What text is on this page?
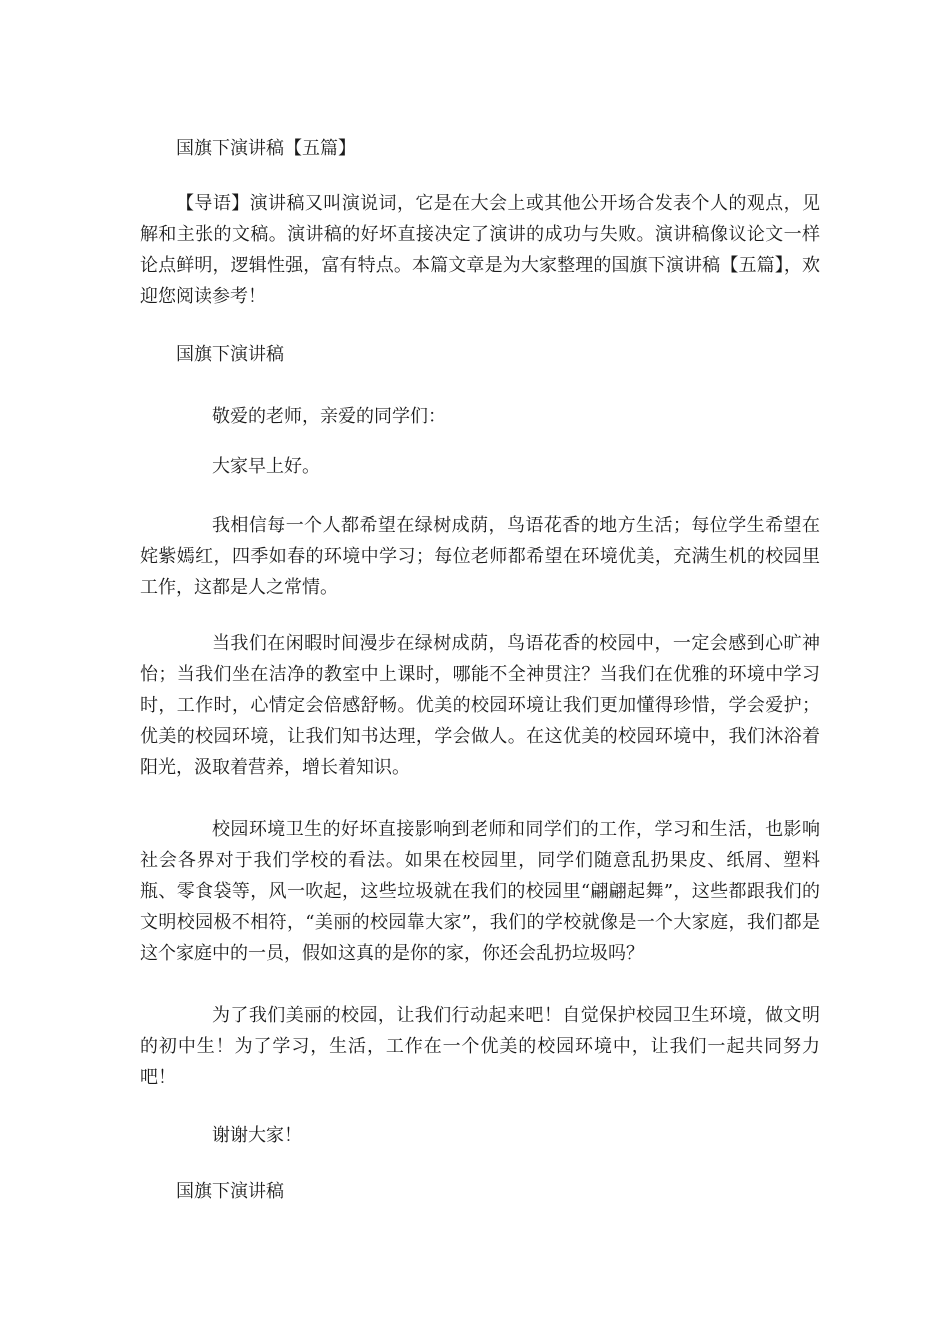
国旗下演讲稿【五篇】
【导语】演讲稿又叫演说词，它是在大会上或其他公开场合发表个人的观点，见解和主张的文稿。演讲稿的好坏直接决定了演讲的成功与失败。演讲稿像议论文一样论点鲜明，逻辑性强，富有特点。本篇文章是为大家整理的国旗下演讲稿【五篇】，欢迎您阅读参考！
国旗下演讲稿
敬爱的老师，亲爱的同学们：
大家早上好。
我相信每一个人都希望在绿树成荫，鸟语花香的地方生活；每位学生希望在姹紫嫣红，四季如春的环境中学习；每位老师都希望在环境优美，充满生机的校园里工作，这都是人之常情。
当我们在闲暇时间漫步在绿树成荫，鸟语花香的校园中，一定会感到心旷神怡；当我们坐在洁净的教室中上课时，哪能不全神贯注？当我们在优雅的环境中学习时，工作时，心情定会倍感舒畅。优美的校园环境让我们更加懂得珍惜，学会爱护；优美的校园环境，让我们知书达理，学会做人。在这优美的校园环境中，我们沐浴着阳光，汲取着营养，增长着知识。
校园环境卫生的好坏直接影响到老师和同学们的工作，学习和生活，也影响社会各界对于我们学校的看法。如果在校园里，同学们随意乱扔果皮、纸屑、塑料瓶、零食袋等，风一吹起，这些垃圾就在我们的校园里“翩翩起舞”，这些都跟我们的文明校园极不相符，“美丽的校园靠大家”，我们的学校就像是一个大家庭，我们都是这个家庭中的一员，假如这真的是你的家，你还会乱扔垃圾吗？
为了我们美丽的校园，让我们行动起来吧！自觉保护校园卫生环境，做文明的初中生！为了学习，生活，工作在一个优美的校园环境中，让我们一起共同努力吧！
谢谢大家！
国旗下演讲稿
